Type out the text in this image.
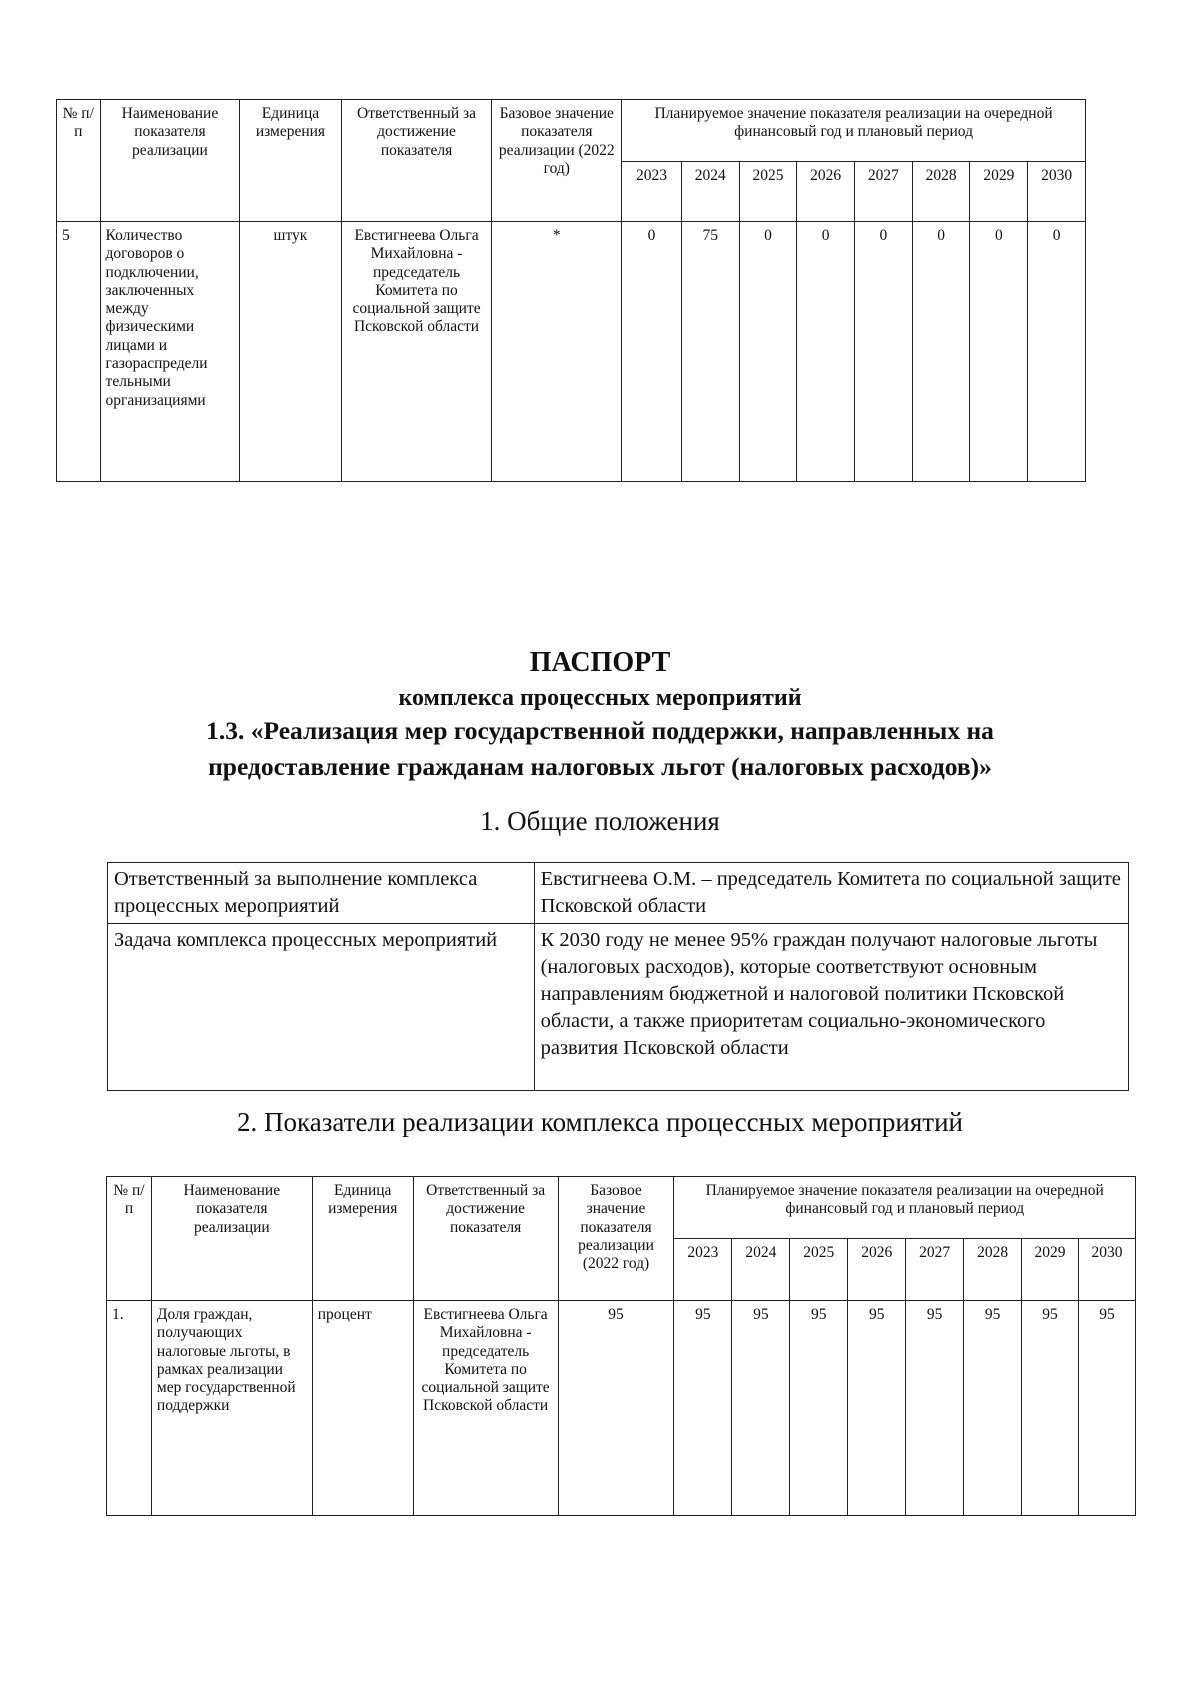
№ п/п	Наименование показателя реализации	Единица измерения	Ответственный за достижение показателя	Базовое значение показателя реализации (2022 год)	Планируемое значение показателя реализации на очередной финансовый год и плановый период							
					2023	2024	2025	2026	2027	2028	2029	2030
5	Количество договоров о подключении, заключенных между физическими лицами и газораспредели тельными организациями	штук	Евстигнеева Ольга Михайловна - председатель Комитета по социальной защите Псковской области	*	0	75	0	0	0	0	0	0
ПАСПОРТ
комплекса процессных мероприятий
1.3. «Реализация мер государственной поддержки, направленных на
предоставление гражданам налоговых льгот (налоговых расходов)»
1. Общие положения
Ответственный за выполнение комплекса процессных мероприятий	Евстигнеева О.М. – председатель Комитета по социальной защите Псковской области
Задача комплекса процессных мероприятий	К 2030 году не менее 95% граждан получают налоговые льготы (налоговых расходов), которые соответствуют основным направлениям бюджетной и налоговой политики Псковской области, а также приоритетам социально-экономического развития Псковской области
2. Показатели реализации комплекса процессных мероприятий
№ п/п	Наименование показателя реализации	Единица измерения	Ответственный за достижение показателя	Базовое значение показателя реализации (2022 год)	Планируемое значение показателя реализации на очередной финансовый год и плановый период							
					2023	2024	2025	2026	2027	2028	2029	2030
1.	Доля граждан, получающих налоговые льготы, в рамках реализации мер государственной поддержки	процент	Евстигнеева Ольга Михайловна - председатель Комитета по социальной защите Псковской области	95	95	95	95	95	95	95	95	95
